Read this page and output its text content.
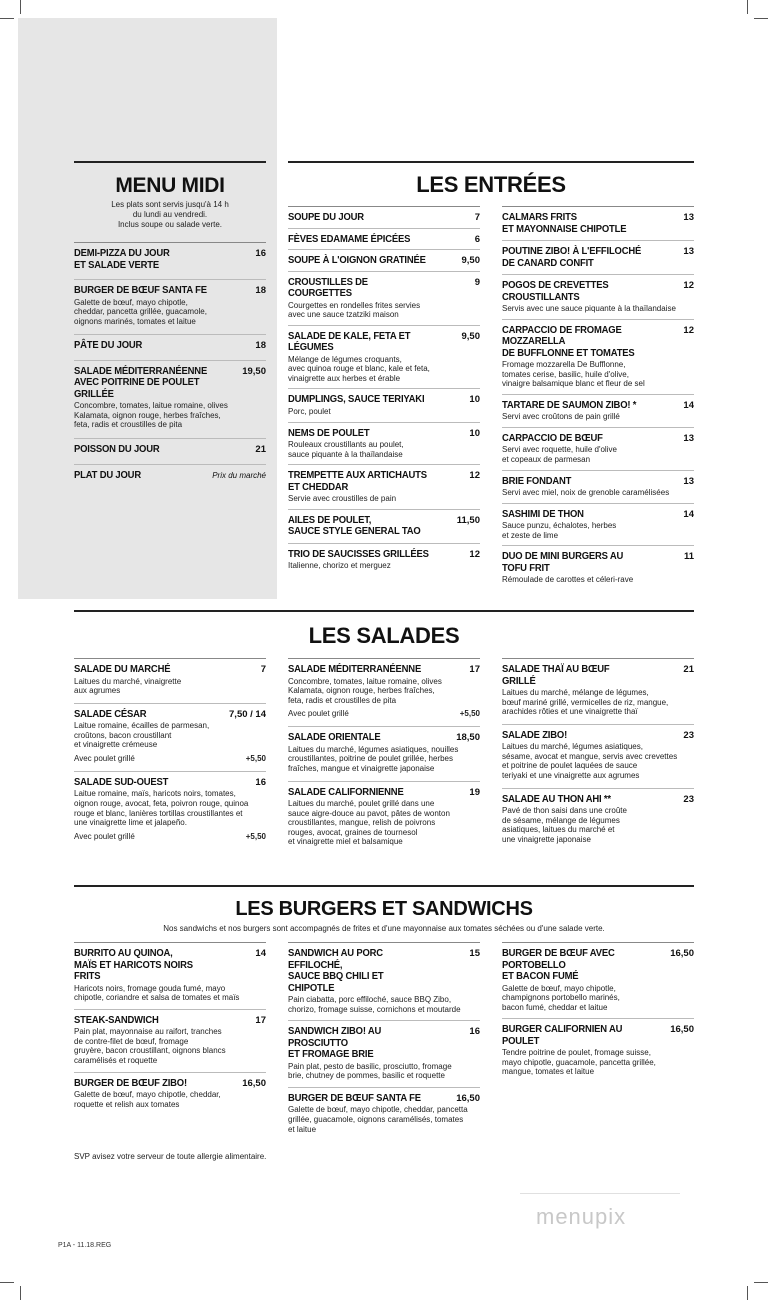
MENU MIDI
Les plats sont servis jusqu'à 14 h
du lundi au vendredi.
Inclus soupe ou salade verte.
DEMI-PIZZA DU JOUR
ET SALADE VERTE
16
BURGER DE BŒUF SANTA FE	18
Galette de bœuf, mayo chipotle,
cheddar, pancetta grillée, guacamole,
oignons marinés, tomates et laitue
PÂTE DU JOUR	18
SALADE MÉDITERRANÉENNE
AVEC POITRINE DE POULET GRILLÉE
19,50
Concombre, tomates, laitue romaine, olives
Kalamata, oignon rouge, herbes fraîches,
feta, radis et croustilles de pita
POISSON DU JOUR	21
PLAT DU JOUR	Prix du marché
LES ENTRÉES
SOUPE DU JOUR	7
FÈVES EDAMAME ÉPICÉES	6
SOUPE À L'OIGNON GRATINÉE	9,50
CROUSTILLES DE COURGETTES
9
Courgettes en rondelles frites servies
avec une sauce tzatziki maison
SALADE DE KALE, FETA ET LÉGUMES
9,50
Mélange de légumes croquants,
avec quinoa rouge et blanc, kale et feta,
vinaigrette aux herbes et érable
DUMPLINGS, SAUCE TERIYAKI	10
Porc, poulet
NEMS DE POULET	10
Rouleaux croustillants au poulet,
sauce piquante à la thaïlandaise
TREMPETTE AUX ARTICHAUTS
ET CHEDDAR
12
Servie avec croustilles de pain
AILES DE POULET,
SAUCE STYLE GENERAL TAO
11,50
TRIO DE SAUCISSES GRILLÉES	12
Italienne, chorizo et merguez
CALMARS FRITS
ET MAYONNAISE CHIPOTLE
13
POUTINE ZIBO! À L'EFFILOCHÉ
DE CANARD CONFIT
13
POGOS DE CREVETTES CROUSTILLANTS
12
Servis avec une sauce piquante à la thaïlandaise
CARPACCIO DE FROMAGE MOZZARELLA
DE BUFFLONNE ET TOMATES
12
Fromage mozzarella De Bufflonne,
tomates cerise, basilic, huile d'olive,
vinaigre balsamique blanc et fleur de sel
TARTARE DE SAUMON ZIBO! *	14
Servi avec croûtons de pain grillé
CARPACCIO DE BŒUF	13
Servi avec roquette, huile d'olive
et copeaux de parmesan
BRIE FONDANT	13
Servi avec miel, noix de grenoble caramélisées
SASHIMI DE THON	14
Sauce punzu, échalotes, herbes
et zeste de lime
DUO DE MINI BURGERS AU TOFU FRIT
11
Rémoulade de carottes et céleri-rave
LES SALADES
SALADE DU MARCHÉ	7
Laitues du marché, vinaigrette
aux agrumes
SALADE CÉSAR	7,50 / 14
Laitue romaine, écailles de parmesan,
croûtons, bacon croustillant
et vinaigrette crémeuse
Avec poulet grillé	+5,50
SALADE SUD-OUEST	16
Laitue romaine, maïs, haricots noirs, tomates,
oignon rouge, avocat, feta, poivron rouge, quinoa
rouge et blanc, lanières tortillas croustillantes et
une vinaigrette lime et jalapeño.
Avec poulet grillé	+5,50
SALADE MÉDITERRANÉENNE	17
Concombre, tomates, laitue romaine, olives
Kalamata, oignon rouge, herbes fraîches,
feta, radis et croustilles de pita
Avec poulet grillé	+5,50
SALADE ORIENTALE	18,50
Laitues du marché, légumes asiatiques, nouilles
croustillantes, poitrine de poulet grillée, herbes
fraîches, mangue et vinaigrette japonaise
SALADE CALIFORNIENNE	19
Laitues du marché, poulet grillé dans une
sauce aigre-douce au pavot, pâtes de wonton
croustillantes, mangue, relish de poivrons
rouges, avocat, graines de tournesol
et vinaigrette miel et balsamique
SALADE THAÏ AU BŒUF GRILLÉ
21
Laitues du marché, mélange de légumes,
bœuf mariné grillé, vermicelles de riz, mangue,
arachides rôties et une vinaigrette thaï
SALADE ZIBO!	23
Laitues du marché, légumes asiatiques,
sésame, avocat et mangue, servis avec crevettes
et poitrine de poulet laquées de sauce
teriyaki et une vinaigrette aux agrumes
SALADE AU THON AHI **	23
Pavé de thon saisi dans une croûte
de sésame, mélange de légumes
asiatiques, laitues du marché et
une vinaigrette japonaise
LES BURGERS ET SANDWICHS
Nos sandwichs et nos burgers sont accompagnés de frites et d'une mayonnaise aux tomates séchées ou d'une salade verte.
BURRITO AU QUINOA,
MAÏS ET HARICOTS NOIRS FRITS
14
Haricots noirs, fromage gouda fumé, mayo
chipotle, coriandre et salsa de tomates et maïs
STEAK-SANDWICH	17
Pain plat, mayonnaise au raifort, tranches
de contre-filet de bœuf, fromage
gruyère, bacon croustillant, oignons blancs
caramélisés et roquette
BURGER DE BŒUF ZIBO!	16,50
Galette de bœuf, mayo chipotle, cheddar,
roquette et relish aux tomates
SANDWICH AU PORC EFFILOCHÉ,
SAUCE BBQ CHILI ET CHIPOTLE
15
Pain ciabatta, porc effiloché, sauce BBQ Zibo,
chorizo, fromage suisse, cornichons et moutarde
SANDWICH ZIBO! AU PROSCIUTTO
ET FROMAGE BRIE
16
Pain plat, pesto de basilic, prosciutto, fromage
brie, chutney de pommes, basilic et roquette
BURGER DE BŒUF SANTA FE	16,50
Galette de bœuf, mayo chipotle, cheddar, pancetta
grillée, guacamole, oignons caramélisés, tomates
et laitue
BURGER DE BŒUF AVEC PORTOBELLO
ET BACON FUMÉ
16,50
Galette de bœuf, mayo chipotle,
champignons portobello marinés,
bacon fumé, cheddar et laitue
BURGER CALIFORNIEN AU POULET
16,50
Tendre poitrine de poulet, fromage suisse,
mayo chipotle, guacamole, pancetta grillée,
mangue, tomates et laitue
SVP avisez votre serveur de toute allergie alimentaire.
menupix
P1A - 11.18.REG
